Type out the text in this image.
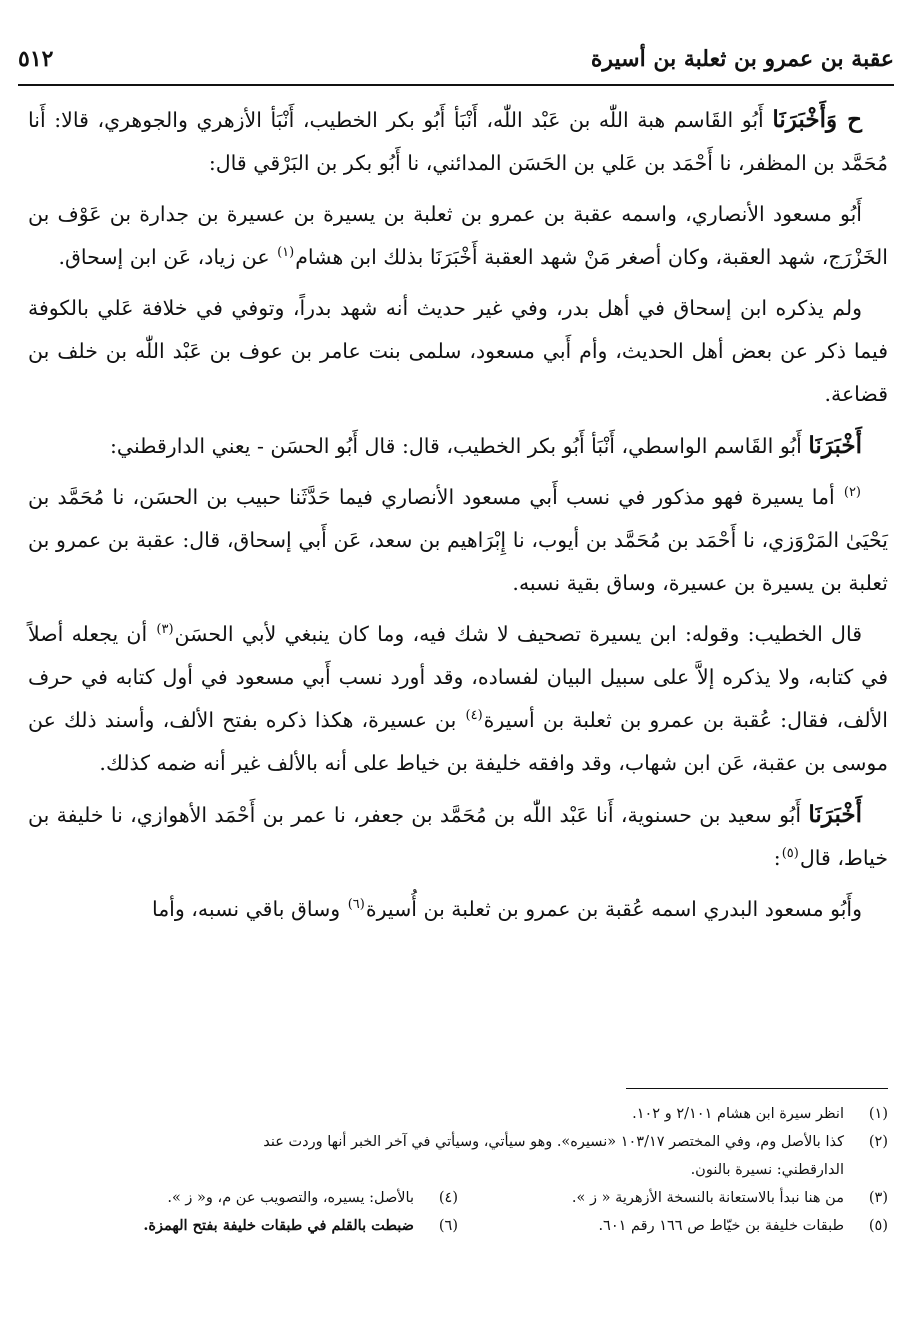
عقبة بن عمرو بن ثعلبة بن أسيرة
٥١٢

ح وَأَخْبَرَنَا أَبُو القَاسم هبة اللّٰه بن عَبْد اللّٰه، أَنْبَأ أَبُو بكر الخطيب، أَنْبَأ الأزهري والجوهري، قالا: أَنا مُحَمَّد بن المظفر، نا أَحْمَد بن عَلي بن الحَسَن المدائني، نا أَبُو بكر بن البَرْقي قال:

أَبُو مسعود الأنصاري، واسمه عقبة بن عمرو بن ثعلبة بن يسيرة بن عسيرة بن جدارة بن عَوْف بن الخَزْرَج، شهد العقبة، وكان أصغر مَنْ شهد العقبة أَخْبَرَنَا بذلك ابن هشام$^{(١)}$ عن زياد، عَن ابن إسحاق.

ولم يذكره ابن إسحاق في أهل بدر، وفي غير حديث أنه شهد بدراً، وتوفي في خلافة عَلي بالكوفة فيما ذكر عن بعض أهل الحديث، وأم أَبي مسعود، سلمى بنت عامر بن عوف بن عَبْد اللّٰه بن خلف بن قضاعة.

أَخْبَرَنَا أَبُو القَاسم الواسطي، أَنْبَأ أَبُو بكر الخطيب، قال: قال أَبُو الحسَن - يعني الدارقطني:

$^{(٢)}$ أما يسيرة فهو مذكور في نسب أَبي مسعود الأنصاري فيما حَدَّثَنا حبيب بن الحسَن، نا مُحَمَّد بن يَحْيَىٰ المَرْوَزي، نا أَحْمَد بن مُحَمَّد بن أيوب، نا إِبْرَاهيم بن سعد، عَن أَبي إسحاق، قال: عقبة بن عمرو بن ثعلبة بن يسيرة بن عسيرة، وساق بقية نسبه.

قال الخطيب: وقوله: ابن يسيرة تصحيف لا شك فيه، وما كان ينبغي لأبي الحسَن$^{(٣)}$ أن يجعله أصلاً في كتابه، ولا يذكره إلاَّ على سبيل البيان لفساده، وقد أورد نسب أَبي مسعود في أول كتابه في حرف الألف، فقال: عُقبة بن عمرو بن ثعلبة بن أسيرة$^{(٤)}$ بن عسيرة، هكذا ذكره بفتح الألف، وأسند ذلك عن موسى بن عقبة، عَن ابن شهاب، وقد وافقه خليفة بن خياط على أنه بالألف غير أنه ضمه كذلك.

أَخْبَرَنَا أَبُو سعيد بن حسنوية، أَنا عَبْد اللّٰه بن مُحَمَّد بن جعفر، نا عمر بن أَحْمَد الأهوازي، نا خليفة بن خياط، قال$^{(٥)}$:

وأَبُو مسعود البدري اسمه عُقبة بن عمرو بن ثعلبة بن أُسيرة$^{(٦)}$ وساق باقي نسبه، وأما

(١)
انظر سيرة ابن هشام ٢/١٠١ و ١٠٢.
(٢)
كذا بالأصل وم، وفي المختصر ١٠٣/١٧ «نسيره». وهو سيأتي، وسيأتي في آخر الخبر أنها وردت عند
الدارقطني: نسيرة بالنون.
(٣)
من هنا نبدأ بالاستعانة بالنسخة الأزهرية « ز ».
(٤)
بالأصل: يسيره، والتصويب عن م، و« ز ».
(٥)
طبقات خليفة بن خيّاط ص ١٦٦ رقم ٦٠١.
(٦)
ضبطت بالقلم في طبقات خليفة بفتح الهمزة.
